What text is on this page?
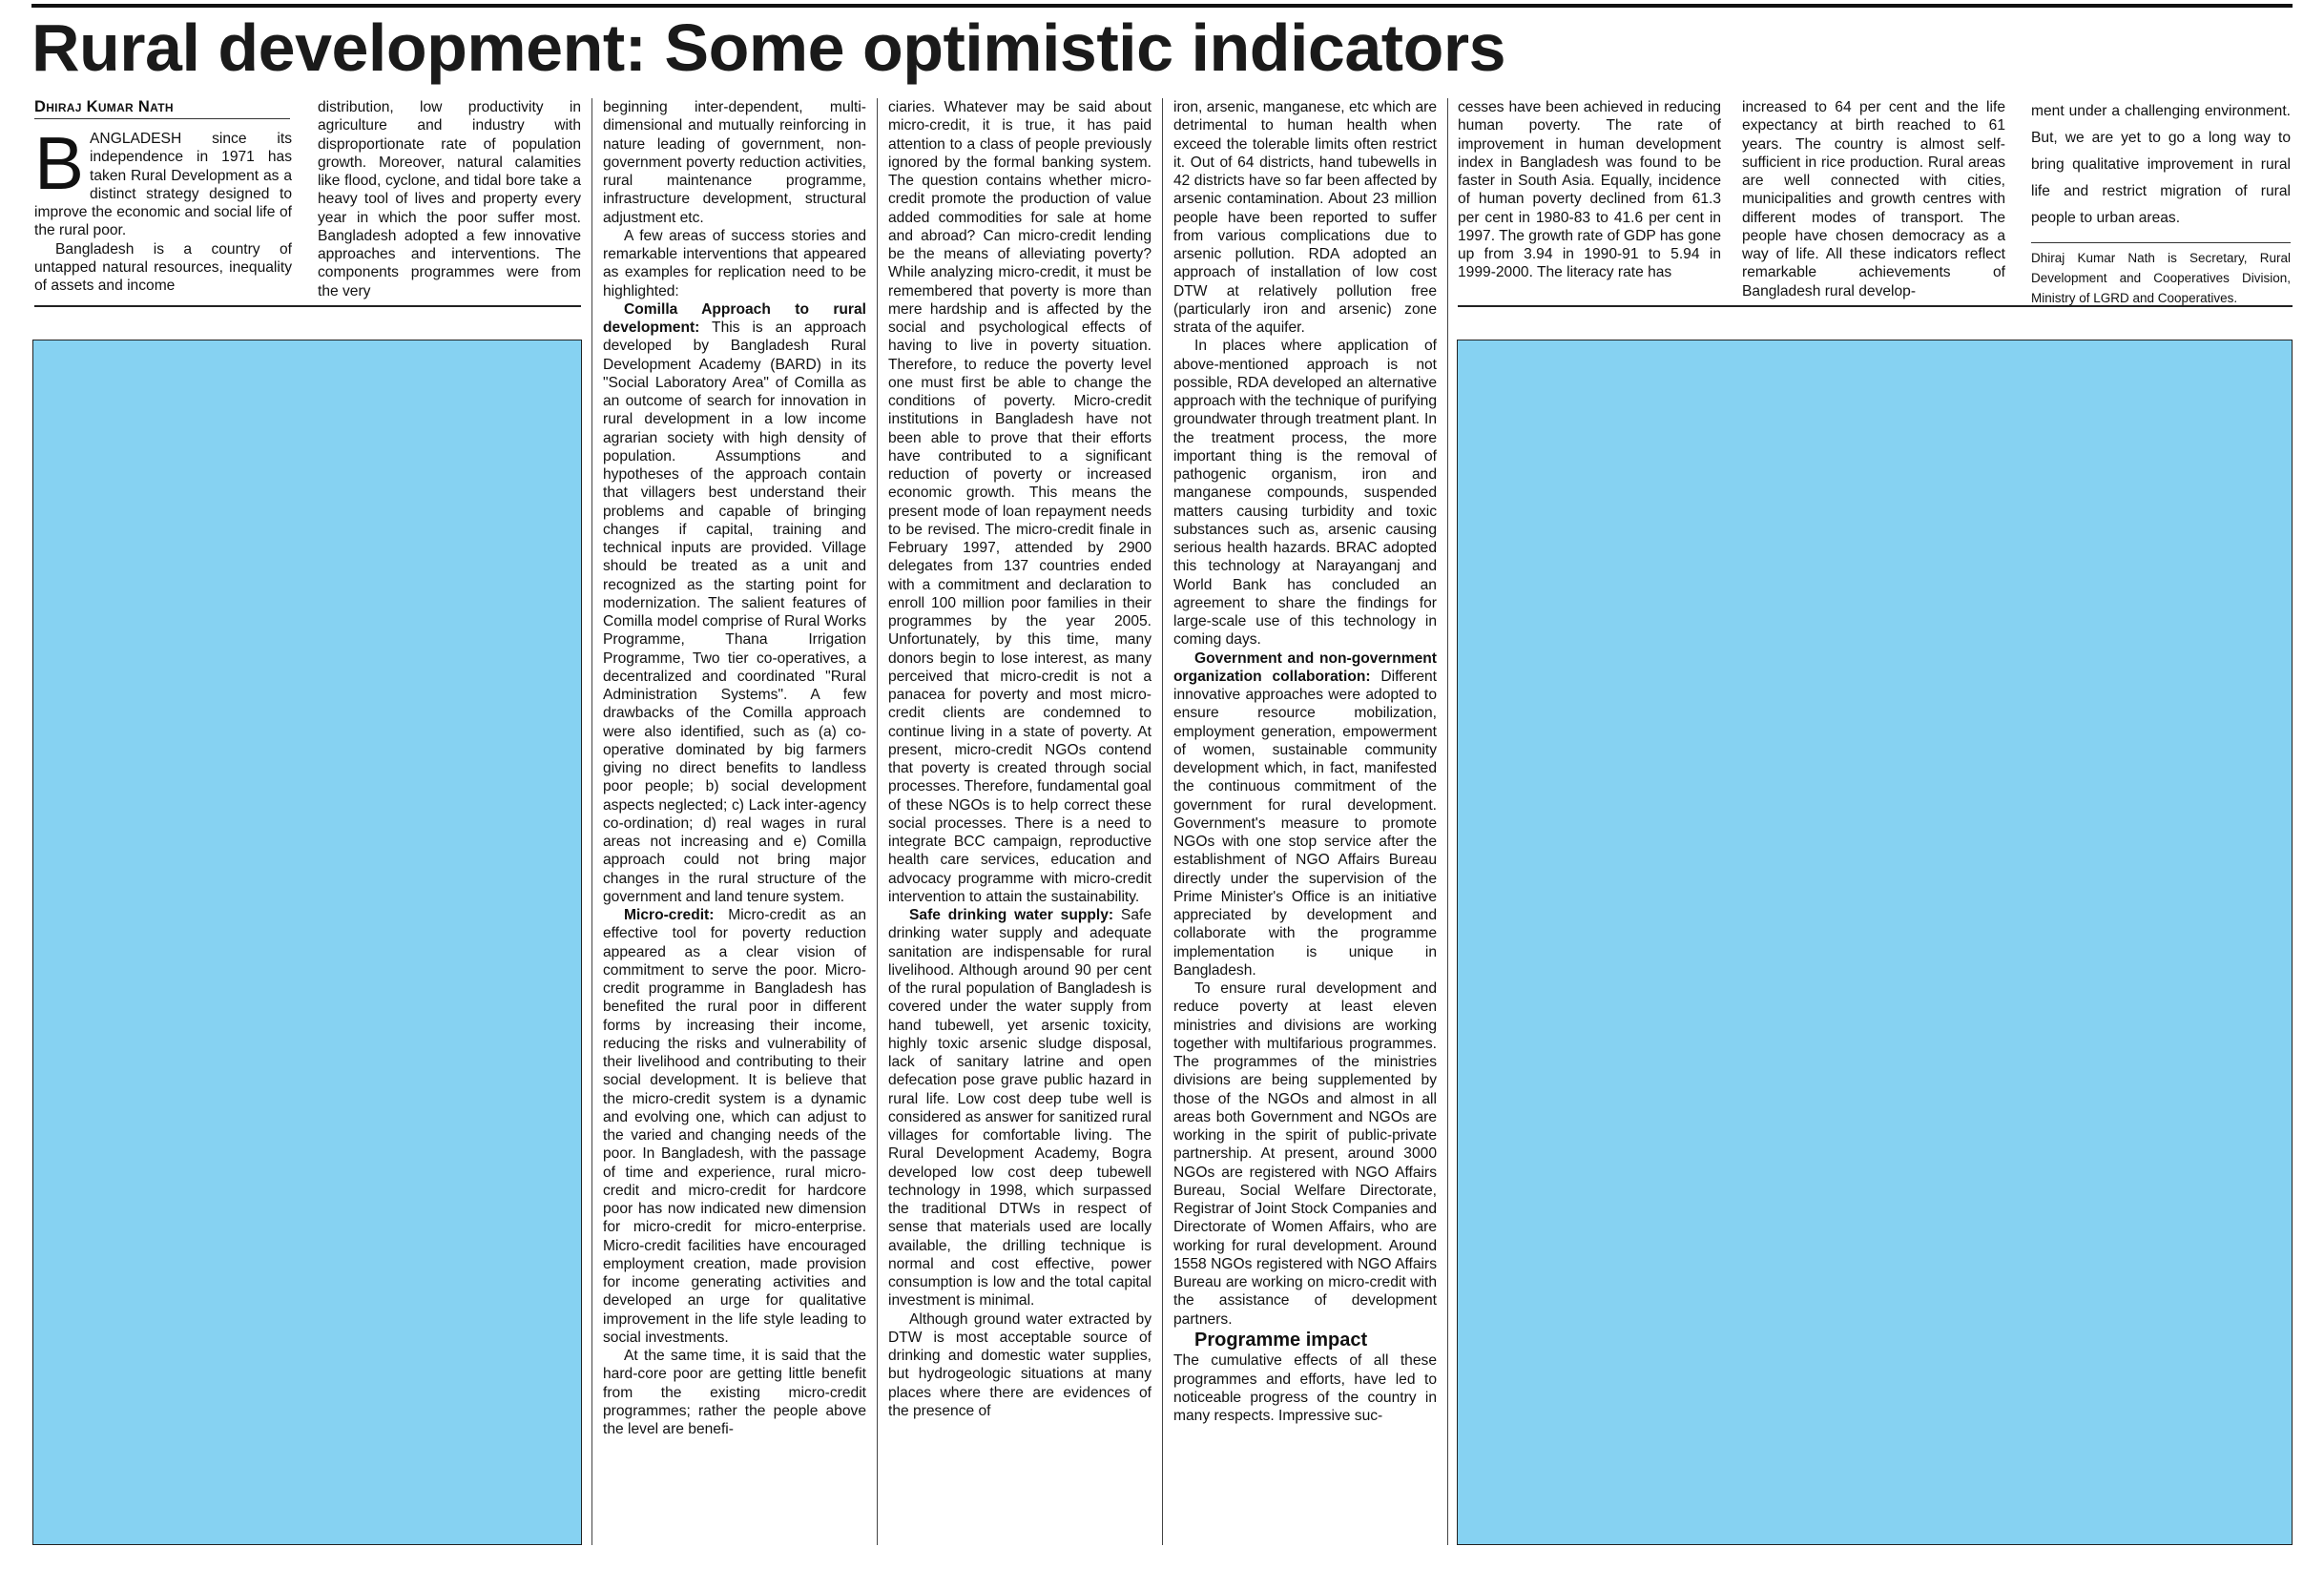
Rural development: Some optimistic indicators
Dhiraj Kumar Nath

BANGLADESH since its independence in 1971 has taken Rural Development as a distinct strategy designed to improve the economic and social life of the rural poor.

Bangladesh is a country of untapped natural resources, inequality of assets and income

distribution, low productivity in agriculture and industry with disproportionate rate of population growth. Moreover, natural calamities like flood, cyclone, and tidal bore take a heavy tool of lives and property every year in which the poor suffer most. Bangladesh adopted a few innovative approaches and interventions. The components programmes were from the very

beginning inter-dependent, multi-dimensional and mutually reinforcing in nature leading of government, non-government poverty reduction activities, rural maintenance programme, infrastructure development, structural adjustment etc.

A few areas of success stories and remarkable interventions that appeared as examples for replication need to be highlighted:

Comilla Approach to rural development: This is an approach developed by Bangladesh Rural Development Academy (BARD) in its "Social Laboratory Area" of Comilla as an outcome of search for innovation in rural development in a low income agrarian society with high density of population. Assumptions and hypotheses of the approach contain that villagers best understand their problems and capable of bringing changes if capital, training and technical inputs are provided. Village should be treated as a unit and recognized as the starting point for modernization. The salient features of Comilla model comprise of Rural Works Programme, Thana Irrigation Programme, Two tier co-operatives, a decentralized and coordinated "Rural Administration Systems". A few drawbacks of the Comilla approach were also identified, such as (a) co-operative dominated by big farmers giving no direct benefits to landless poor people; b) social development aspects neglected; c) Lack inter-agency co-ordination; d) real wages in rural areas not increasing and e) Comilla approach could not bring major changes in the rural structure of the government and land tenure system.

Micro-credit: Micro-credit as an effective tool for poverty reduction appeared as a clear vision of commitment to serve the poor. Micro-credit programme in Bangladesh has benefited the rural poor in different forms by increasing their income, reducing the risks and vulnerability of their livelihood and contributing to their social development. It is believe that the micro-credit system is a dynamic and evolving one, which can adjust to the varied and changing needs of the poor. In Bangladesh, with the passage of time and experience, rural micro-credit and micro-credit for hardcore poor has now indicated new dimension for micro-credit for micro-enterprise. Micro-credit facilities have encouraged employment creation, made provision for income generating activities and developed an urge for qualitative improvement in the life style leading to social investments.

At the same time, it is said that the hard-core poor are getting little benefit from the existing micro-credit programmes; rather the people above the level are benefi-

ciaries. Whatever may be said about micro-credit, it is true, it has paid attention to a class of people previously ignored by the formal banking system. The question contains whether micro-credit promote the production of value added commodities for sale at home and abroad? Can micro-credit lending be the means of alleviating poverty? While analyzing micro-credit, it must be remembered that poverty is more than mere hardship and is affected by the social and psychological effects of having to live in poverty situation. Therefore, to reduce the poverty level one must first be able to change the conditions of poverty. Micro-credit institutions in Bangladesh have not been able to prove that their efforts have contributed to a significant reduction of poverty or increased economic growth. This means the present mode of loan repayment needs to be revised. The micro-credit finale in February 1997, attended by 2900 delegates from 137 countries ended with a commitment and declaration to enroll 100 million poor families in their programmes by the year 2005. Unfortunately, by this time, many donors begin to lose interest, as many perceived that micro-credit is not a panacea for poverty and most micro-credit clients are condemned to continue living in a state of poverty. At present, micro-credit NGOs contend that poverty is created through social processes. Therefore, fundamental goal of these NGOs is to help correct these social processes. There is a need to integrate BCC campaign, reproductive health care services, education and advocacy programme with micro-credit intervention to attain the sustainability.

Safe drinking water supply: Safe drinking water supply and adequate sanitation are indispensable for rural livelihood. Although around 90 per cent of the rural population of Bangladesh is covered under the water supply from hand tubewell, yet arsenic toxicity, highly toxic arsenic sludge disposal, lack of sanitary latrine and open defecation pose grave public hazard in rural life. Low cost deep tube well is considered as answer for sanitized rural villages for comfortable living. The Rural Development Academy, Bogra developed low cost deep tubewell technology in 1998, which surpassed the traditional DTWs in respect of sense that materials used are locally available, the drilling technique is normal and cost effective, power consumption is low and the total capital investment is minimal.

Although ground water extracted by DTW is most acceptable source of drinking and domestic water supplies, but hydrogeologic situations at many places where there are evidences of the presence of

iron, arsenic, manganese, etc which are detrimental to human health when exceed the tolerable limits often restrict it. Out of 64 districts, hand tubewells in 42 districts have so far been affected by arsenic contamination. About 23 million people have been reported to suffer from various complications due to arsenic pollution. RDA adopted an approach of installation of low cost DTW at relatively pollution free (particularly iron and arsenic) zone strata of the aquifer.

In places where application of above-mentioned approach is not possible, RDA developed an alternative approach with the technique of purifying groundwater through treatment plant. In the treatment process, the more important thing is the removal of pathogenic organism, iron and manganese compounds, suspended matters causing turbidity and toxic substances such as, arsenic causing serious health hazards. BRAC adopted this technology at Narayanganj and World Bank has concluded an agreement to share the findings for large-scale use of this technology in coming days.

Government and non-government organization collaboration: Different innovative approaches were adopted to ensure resource mobilization, employment generation, empowerment of women, sustainable community development which, in fact, manifested the continuous commitment of the government for rural development. Government's measure to promote NGOs with one stop service after the establishment of NGO Affairs Bureau directly under the supervision of the Prime Minister's Office is an initiative appreciated by development and collaborate with the programme implementation is unique in Bangladesh.

To ensure rural development and reduce poverty at least eleven ministries and divisions are working together with multifarious programmes. The programmes of the ministries divisions are being supplemented by those of the NGOs and almost in all areas both Government and NGOs are working in the spirit of public-private partnership. At present, around 3000 NGOs are registered with NGO Affairs Bureau, Social Welfare Directorate, Registrar of Joint Stock Companies and Directorate of Women Affairs, who are working for rural development. Around 1558 NGOs registered with NGO Affairs Bureau are working on micro-credit with the assistance of development partners.

Programme impact

The cumulative effects of all these programmes and efforts, have led to noticeable progress of the country in many respects. Impressive suc-

cesses have been achieved in reducing human poverty. The rate of improvement in human development index in Bangladesh was found to be faster in South Asia. Equally, incidence of human poverty declined from 61.3 per cent in 1980-83 to 41.6 per cent in 1997. The growth rate of GDP has gone up from 3.94 in 1990-91 to 5.94 in 1999-2000. The literacy rate has

increased to 64 per cent and the life expectancy at birth reached to 61 years. The country is almost self-sufficient in rice production. Rural areas are well connected with cities, municipalities and growth centres with different modes of transport. The people have chosen democracy as a way of life. All these indicators reflect remarkable achievements of Bangladesh rural develop-

ment under a challenging environment. But, we are yet to go a long way to bring qualitative improvement in rural life and restrict migration of rural people to urban areas.

Dhiraj Kumar Nath is Secretary, Rural Development and Cooperatives Division, Ministry of LGRD and Cooperatives.
